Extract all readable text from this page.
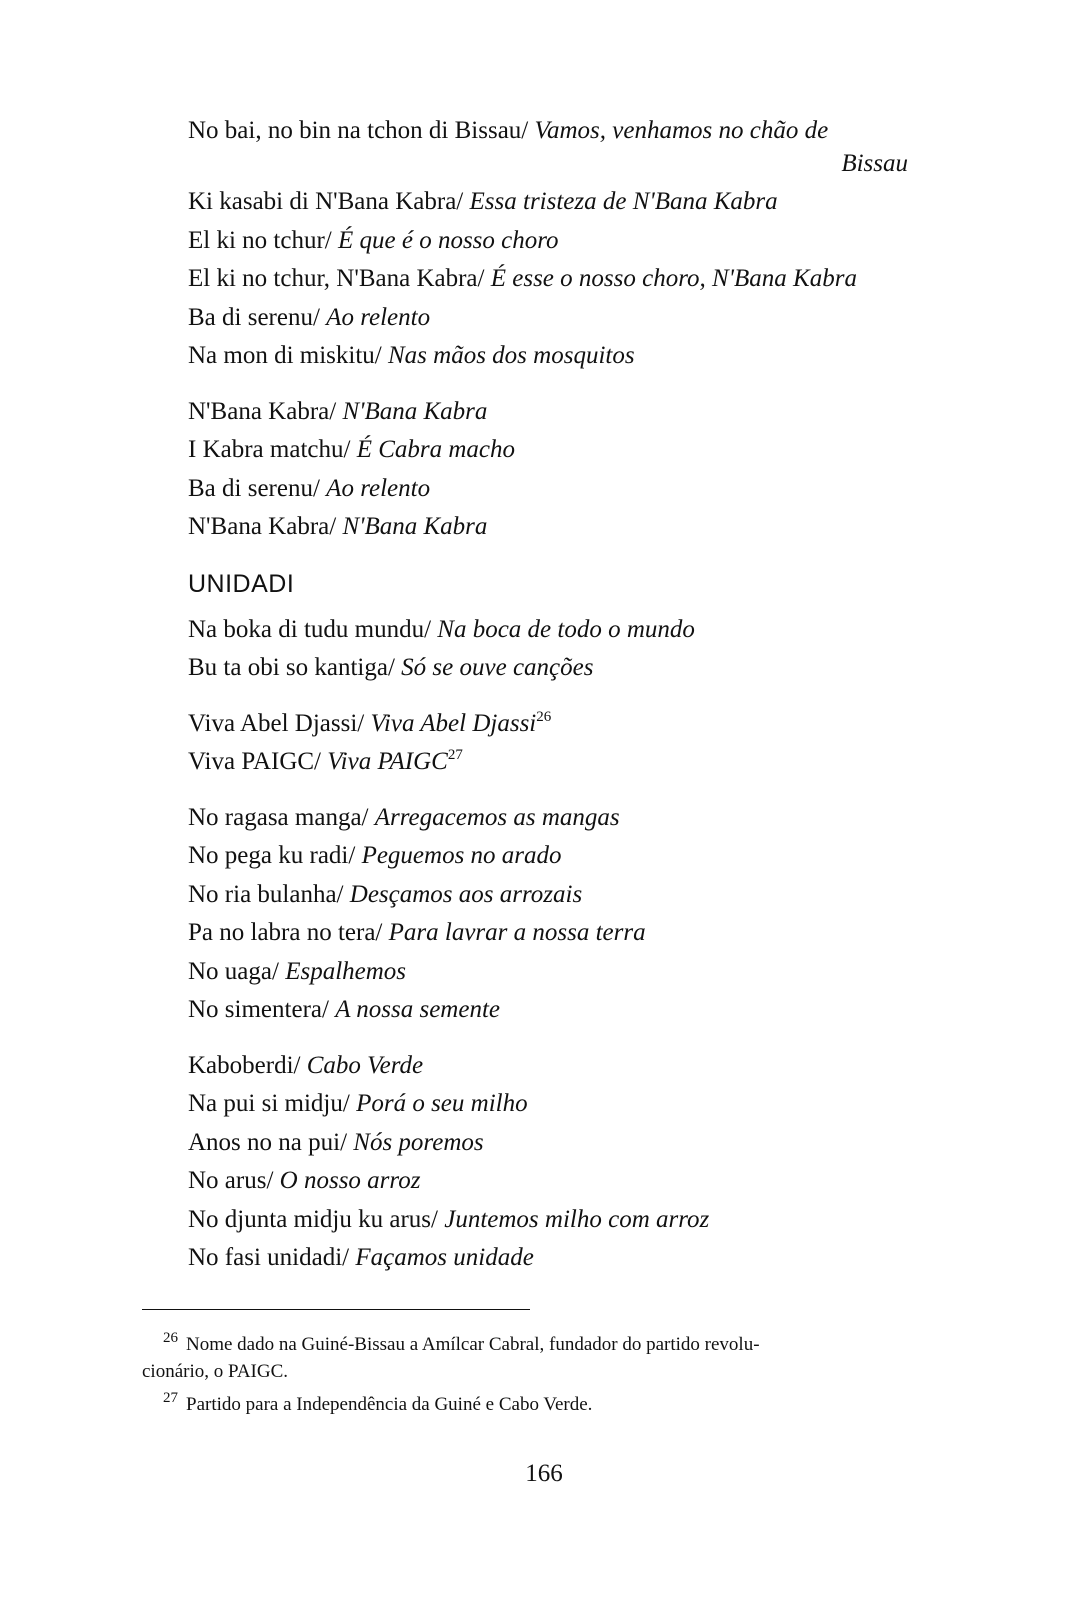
No bai, no bin na tchon di Bissau/ Vamos, venhamos no chão de
Bissau
Ki kasabi di N'Bana Kabra/ Essa tristeza de N'Bana Kabra
El ki no tchur/ É que é o nosso choro
El ki no tchur, N'Bana Kabra/ É esse o nosso choro, N'Bana Kabra
Ba di serenu/ Ao relento
Na mon di miskitu/ Nas mãos dos mosquitos
N'Bana Kabra/ N'Bana Kabra
I Kabra matchu/ É Cabra macho
Ba di serenu/ Ao relento
N'Bana Kabra/ N'Bana Kabra
UNIDADI
Na boka di tudu mundu/ Na boca de todo o mundo
Bu ta obi so kantiga/ Só se ouve canções
Viva Abel Djassi/ Viva Abel Djassi$^{26}$
Viva PAIGC/ Viva PAIGC$^{27}$
No ragasa manga/ Arregacemos as mangas
No pega ku radi/ Peguemos no arado
No ria bulanha/ Desçamos aos arrozais
Pa no labra no tera/ Para lavrar a nossa terra
No uaga/ Espalhemos
No simentera/ A nossa semente
Kaboberdi/ Cabo Verde
Na pui si midju/ Porá o seu milho
Anos no na pui/ Nós poremos
No arus/ O nosso arroz
No djunta midju ku arus/ Juntemos milho com arroz
No fasi unidadi/ Façamos unidade
26 Nome dado na Guiné-Bissau a Amílcar Cabral, fundador do partido revolu-
cionário, o PAIGC.
27 Partido para a Independência da Guiné e Cabo Verde.
166
